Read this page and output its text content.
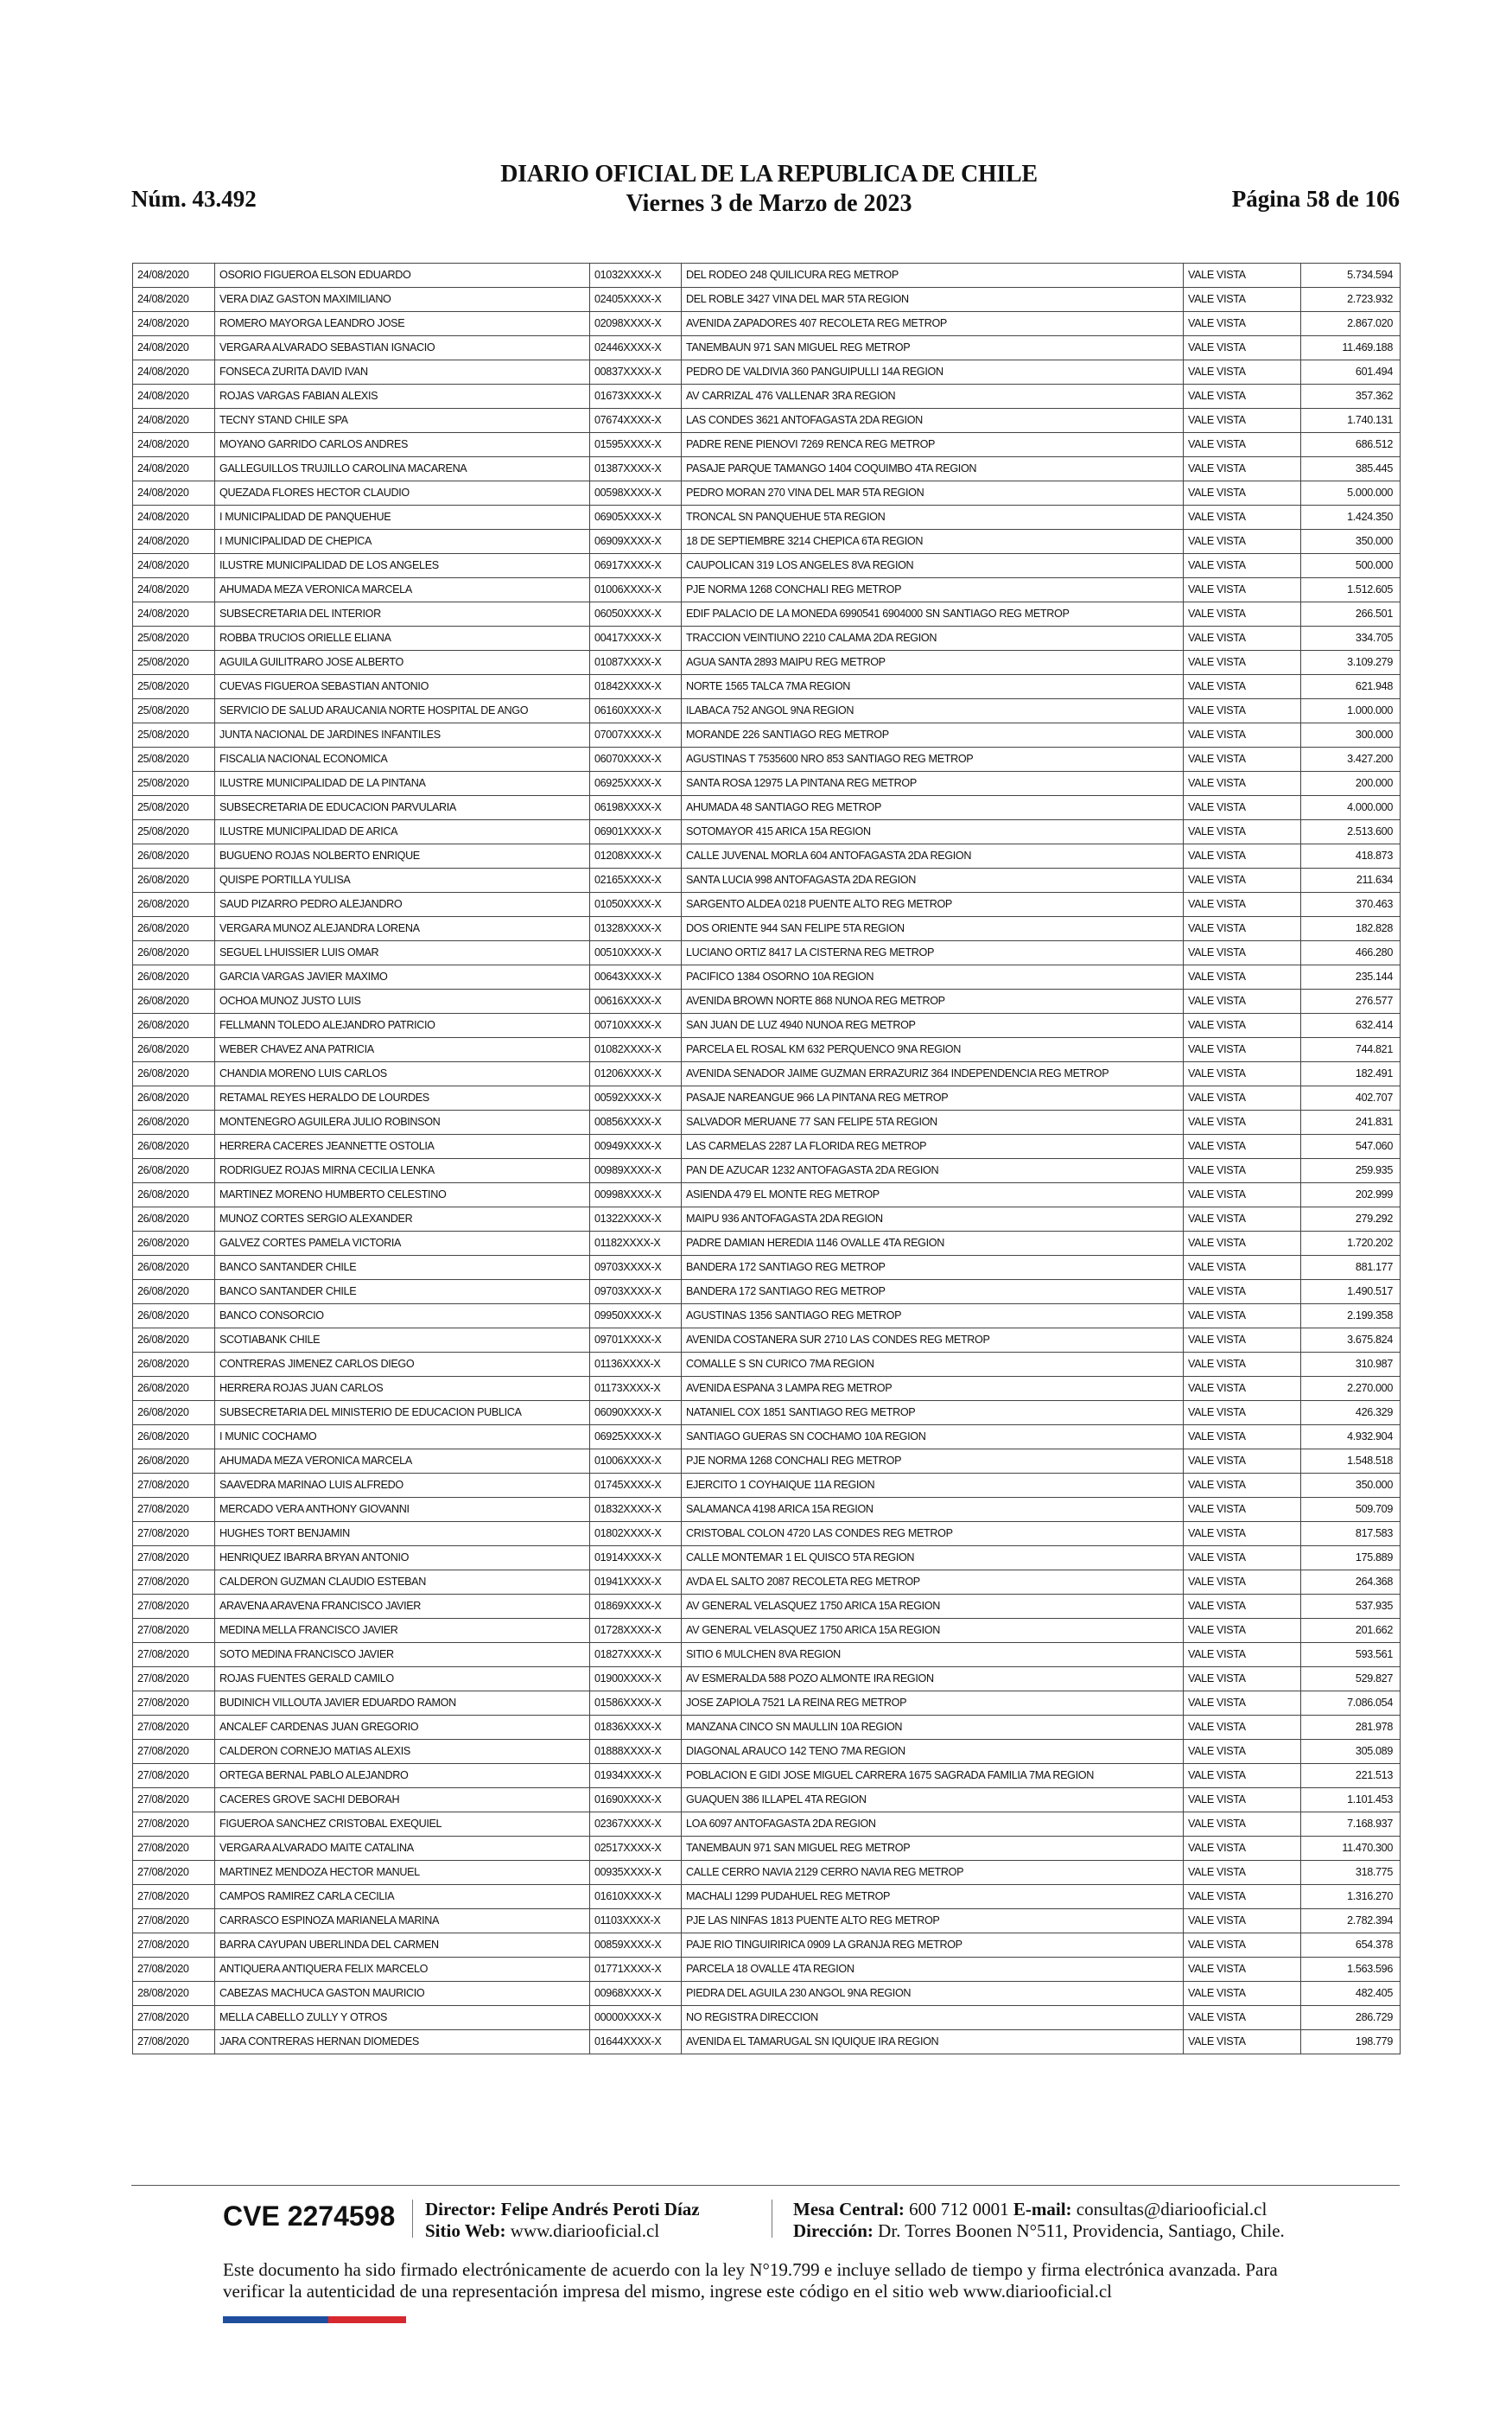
Núm. 43.492
DIARIO OFICIAL DE LA REPUBLICA DE CHILE
Viernes 3 de Marzo de 2023	Página 58 de 106
24/08/2020	OSORIO FIGUEROA ELSON EDUARDO	01032XXXX-X	DEL RODEO 248 QUILICURA REG METROP	VALE VISTA	5.734.594
24/08/2020	VERA DIAZ GASTON MAXIMILIANO	02405XXXX-X	DEL ROBLE 3427 VINA DEL MAR 5TA REGION	VALE VISTA	2.723.932
24/08/2020	ROMERO MAYORGA LEANDRO JOSE	02098XXXX-X	AVENIDA ZAPADORES 407 RECOLETA REG METROP	VALE VISTA	2.867.020
24/08/2020	VERGARA ALVARADO SEBASTIAN IGNACIO	02446XXXX-X	TANEMBAUN 971 SAN MIGUEL REG METROP	VALE VISTA	11.469.188
24/08/2020	FONSECA ZURITA DAVID IVAN	00837XXXX-X	PEDRO DE VALDIVIA 360 PANGUIPULLI 14A REGION	VALE VISTA	601.494
24/08/2020	ROJAS VARGAS FABIAN ALEXIS	01673XXXX-X	AV CARRIZAL 476 VALLENAR 3RA REGION	VALE VISTA	357.362
24/08/2020	TECNY STAND CHILE SPA	07674XXXX-X	LAS CONDES 3621 ANTOFAGASTA 2DA REGION	VALE VISTA	1.740.131
24/08/2020	MOYANO GARRIDO CARLOS ANDRES	01595XXXX-X	PADRE RENE PIENOVI 7269 RENCA REG METROP	VALE VISTA	686.512
24/08/2020	GALLEGUILLOS TRUJILLO CAROLINA MACARENA	01387XXXX-X	PASAJE PARQUE TAMANGO 1404 COQUIMBO 4TA REGION	VALE VISTA	385.445
24/08/2020	QUEZADA FLORES HECTOR CLAUDIO	00598XXXX-X	PEDRO MORAN 270 VINA DEL MAR 5TA REGION	VALE VISTA	5.000.000
24/08/2020	I MUNICIPALIDAD DE PANQUEHUE	06905XXXX-X	TRONCAL SN PANQUEHUE 5TA REGION	VALE VISTA	1.424.350
24/08/2020	I MUNICIPALIDAD DE CHEPICA	06909XXXX-X	18 DE SEPTIEMBRE 3214 CHEPICA 6TA REGION	VALE VISTA	350.000
24/08/2020	ILUSTRE MUNICIPALIDAD DE LOS ANGELES	06917XXXX-X	CAUPOLICAN 319 LOS ANGELES 8VA REGION	VALE VISTA	500.000
24/08/2020	AHUMADA MEZA VERONICA MARCELA	01006XXXX-X	PJE NORMA 1268 CONCHALI REG METROP	VALE VISTA	1.512.605
24/08/2020	SUBSECRETARIA DEL INTERIOR	06050XXXX-X	EDIF PALACIO DE LA MONEDA 6990541 6904000 SN SANTIAGO REG METROP	VALE VISTA	266.501
25/08/2020	ROBBA TRUCIOS ORIELLE ELIANA	00417XXXX-X	TRACCION VEINTIUNO 2210 CALAMA 2DA REGION	VALE VISTA	334.705
25/08/2020	AGUILA GUILITRARO JOSE ALBERTO	01087XXXX-X	AGUA SANTA 2893 MAIPU REG METROP	VALE VISTA	3.109.279
25/08/2020	CUEVAS FIGUEROA SEBASTIAN ANTONIO	01842XXXX-X	NORTE 1565 TALCA 7MA REGION	VALE VISTA	621.948
25/08/2020	SERVICIO DE SALUD ARAUCANIA NORTE HOSPITAL DE ANGO	06160XXXX-X	ILABACA 752 ANGOL 9NA REGION	VALE VISTA	1.000.000
25/08/2020	JUNTA NACIONAL DE JARDINES INFANTILES	07007XXXX-X	MORANDE 226 SANTIAGO REG METROP	VALE VISTA	300.000
25/08/2020	FISCALIA NACIONAL ECONOMICA	06070XXXX-X	AGUSTINAS T 7535600 NRO 853 SANTIAGO REG METROP	VALE VISTA	3.427.200
25/08/2020	ILUSTRE MUNICIPALIDAD DE LA PINTANA	06925XXXX-X	SANTA ROSA 12975 LA PINTANA REG METROP	VALE VISTA	200.000
25/08/2020	SUBSECRETARIA DE EDUCACION PARVULARIA	06198XXXX-X	AHUMADA 48 SANTIAGO REG METROP	VALE VISTA	4.000.000
25/08/2020	ILUSTRE MUNICIPALIDAD DE ARICA	06901XXXX-X	SOTOMAYOR 415 ARICA 15A REGION	VALE VISTA	2.513.600
26/08/2020	BUGUENO ROJAS NOLBERTO ENRIQUE	01208XXXX-X	CALLE JUVENAL MORLA 604 ANTOFAGASTA 2DA REGION	VALE VISTA	418.873
26/08/2020	QUISPE PORTILLA YULISA	02165XXXX-X	SANTA LUCIA 998 ANTOFAGASTA 2DA REGION	VALE VISTA	211.634
26/08/2020	SAUD PIZARRO PEDRO ALEJANDRO	01050XXXX-X	SARGENTO ALDEA 0218 PUENTE ALTO REG METROP	VALE VISTA	370.463
26/08/2020	VERGARA MUNOZ ALEJANDRA LORENA	01328XXXX-X	DOS ORIENTE 944 SAN FELIPE 5TA REGION	VALE VISTA	182.828
26/08/2020	SEGUEL LHUISSIER LUIS OMAR	00510XXXX-X	LUCIANO ORTIZ 8417 LA CISTERNA REG METROP	VALE VISTA	466.280
26/08/2020	GARCIA VARGAS JAVIER MAXIMO	00643XXXX-X	PACIFICO 1384 OSORNO 10A REGION	VALE VISTA	235.144
26/08/2020	OCHOA MUNOZ JUSTO LUIS	00616XXXX-X	AVENIDA BROWN NORTE 868 NUNOA REG METROP	VALE VISTA	276.577
26/08/2020	FELLMANN TOLEDO ALEJANDRO PATRICIO	00710XXXX-X	SAN JUAN DE LUZ 4940 NUNOA REG METROP	VALE VISTA	632.414
26/08/2020	WEBER CHAVEZ ANA PATRICIA	01082XXXX-X	PARCELA EL ROSAL KM 632 PERQUENCO 9NA REGION	VALE VISTA	744.821
26/08/2020	CHANDIA MORENO LUIS CARLOS	01206XXXX-X	AVENIDA SENADOR JAIME GUZMAN ERRAZURIZ 364 INDEPENDENCIA REG METROP	VALE VISTA	182.491
26/08/2020	RETAMAL REYES HERALDO DE LOURDES	00592XXXX-X	PASAJE NAREANGUE 966 LA PINTANA REG METROP	VALE VISTA	402.707
26/08/2020	MONTENEGRO AGUILERA JULIO ROBINSON	00856XXXX-X	SALVADOR MERUANE 77 SAN FELIPE 5TA REGION	VALE VISTA	241.831
26/08/2020	HERRERA CACERES JEANNETTE OSTOLIA	00949XXXX-X	LAS CARMELAS 2287 LA FLORIDA REG METROP	VALE VISTA	547.060
26/08/2020	RODRIGUEZ ROJAS MIRNA CECILIA LENKA	00989XXXX-X	PAN DE AZUCAR 1232 ANTOFAGASTA 2DA REGION	VALE VISTA	259.935
26/08/2020	MARTINEZ MORENO HUMBERTO CELESTINO	00998XXXX-X	ASIENDA 479 EL MONTE REG METROP	VALE VISTA	202.999
26/08/2020	MUNOZ CORTES SERGIO ALEXANDER	01322XXXX-X	MAIPU 936 ANTOFAGASTA 2DA REGION	VALE VISTA	279.292
26/08/2020	GALVEZ CORTES PAMELA VICTORIA	01182XXXX-X	PADRE DAMIAN HEREDIA 1146 OVALLE 4TA REGION	VALE VISTA	1.720.202
26/08/2020	BANCO SANTANDER CHILE	09703XXXX-X	BANDERA 172 SANTIAGO REG METROP	VALE VISTA	881.177
26/08/2020	BANCO SANTANDER CHILE	09703XXXX-X	BANDERA 172 SANTIAGO REG METROP	VALE VISTA	1.490.517
26/08/2020	BANCO CONSORCIO	09950XXXX-X	AGUSTINAS 1356 SANTIAGO REG METROP	VALE VISTA	2.199.358
26/08/2020	SCOTIABANK CHILE	09701XXXX-X	AVENIDA COSTANERA SUR 2710 LAS CONDES REG METROP	VALE VISTA	3.675.824
26/08/2020	CONTRERAS JIMENEZ CARLOS DIEGO	01136XXXX-X	COMALLE S SN CURICO 7MA REGION	VALE VISTA	310.987
26/08/2020	HERRERA ROJAS JUAN CARLOS	01173XXXX-X	AVENIDA ESPANA 3 LAMPA REG METROP	VALE VISTA	2.270.000
26/08/2020	SUBSECRETARIA DEL MINISTERIO DE EDUCACION PUBLICA	06090XXXX-X	NATANIEL COX 1851 SANTIAGO REG METROP	VALE VISTA	426.329
26/08/2020	I MUNIC COCHAMO	06925XXXX-X	SANTIAGO GUERAS SN COCHAMO 10A REGION	VALE VISTA	4.932.904
26/08/2020	AHUMADA MEZA VERONICA MARCELA	01006XXXX-X	PJE NORMA 1268 CONCHALI REG METROP	VALE VISTA	1.548.518
27/08/2020	SAAVEDRA MARINAO LUIS ALFREDO	01745XXXX-X	EJERCITO 1 COYHAIQUE 11A REGION	VALE VISTA	350.000
27/08/2020	MERCADO VERA ANTHONY GIOVANNI	01832XXXX-X	SALAMANCA 4198 ARICA 15A REGION	VALE VISTA	509.709
27/08/2020	HUGHES TORT BENJAMIN	01802XXXX-X	CRISTOBAL COLON 4720 LAS CONDES REG METROP	VALE VISTA	817.583
27/08/2020	HENRIQUEZ IBARRA BRYAN ANTONIO	01914XXXX-X	CALLE MONTEMAR 1 EL QUISCO 5TA REGION	VALE VISTA	175.889
27/08/2020	CALDERON GUZMAN CLAUDIO ESTEBAN	01941XXXX-X	AVDA EL SALTO 2087 RECOLETA REG METROP	VALE VISTA	264.368
27/08/2020	ARAVENA ARAVENA FRANCISCO JAVIER	01869XXXX-X	AV GENERAL VELASQUEZ 1750 ARICA 15A REGION	VALE VISTA	537.935
27/08/2020	MEDINA MELLA FRANCISCO JAVIER	01728XXXX-X	AV GENERAL VELASQUEZ 1750 ARICA 15A REGION	VALE VISTA	201.662
27/08/2020	SOTO MEDINA FRANCISCO JAVIER	01827XXXX-X	SITIO 6 MULCHEN 8VA REGION	VALE VISTA	593.561
27/08/2020	ROJAS FUENTES GERALD CAMILO	01900XXXX-X	AV ESMERALDA 588 POZO ALMONTE IRA REGION	VALE VISTA	529.827
27/08/2020	BUDINICH VILLOUTA JAVIER EDUARDO RAMON	01586XXXX-X	JOSE ZAPIOLA 7521 LA REINA REG METROP	VALE VISTA	7.086.054
27/08/2020	ANCALEF CARDENAS JUAN GREGORIO	01836XXXX-X	MANZANA CINCO SN MAULLIN 10A REGION	VALE VISTA	281.978
27/08/2020	CALDERON CORNEJO MATIAS ALEXIS	01888XXXX-X	DIAGONAL ARAUCO 142 TENO 7MA REGION	VALE VISTA	305.089
27/08/2020	ORTEGA BERNAL PABLO ALEJANDRO	01934XXXX-X	POBLACION E GIDI JOSE MIGUEL CARRERA 1675 SAGRADA FAMILIA 7MA REGION	VALE VISTA	221.513
27/08/2020	CACERES GROVE SACHI DEBORAH	01690XXXX-X	GUAQUEN 386 ILLAPEL 4TA REGION	VALE VISTA	1.101.453
27/08/2020	FIGUEROA SANCHEZ CRISTOBAL EXEQUIEL	02367XXXX-X	LOA 6097 ANTOFAGASTA 2DA REGION	VALE VISTA	7.168.937
27/08/2020	VERGARA ALVARADO MAITE CATALINA	02517XXXX-X	TANEMBAUN 971 SAN MIGUEL REG METROP	VALE VISTA	11.470.300
27/08/2020	MARTINEZ MENDOZA HECTOR MANUEL	00935XXXX-X	CALLE CERRO NAVIA 2129 CERRO NAVIA REG METROP	VALE VISTA	318.775
27/08/2020	CAMPOS RAMIREZ CARLA CECILIA	01610XXXX-X	MACHALI 1299 PUDAHUEL REG METROP	VALE VISTA	1.316.270
27/08/2020	CARRASCO ESPINOZA MARIANELA MARINA	01103XXXX-X	PJE LAS NINFAS 1813 PUENTE ALTO REG METROP	VALE VISTA	2.782.394
27/08/2020	BARRA CAYUPAN UBERLINDA DEL CARMEN	00859XXXX-X	PAJE RIO TINGUIRIRICA 0909 LA GRANJA REG METROP	VALE VISTA	654.378
27/08/2020	ANTIQUERA ANTIQUERA FELIX MARCELO	01771XXXX-X	PARCELA 18 OVALLE 4TA REGION	VALE VISTA	1.563.596
28/08/2020	CABEZAS MACHUCA GASTON MAURICIO	00968XXXX-X	PIEDRA DEL AGUILA 230 ANGOL 9NA REGION	VALE VISTA	482.405
27/08/2020	MELLA CABELLO ZULLY Y OTROS	00000XXXX-X	NO REGISTRA DIRECCION	VALE VISTA	286.729
27/08/2020	JARA CONTRERAS HERNAN DIOMEDES	01644XXXX-X	AVENIDA EL TAMARUGAL SN IQUIQUE IRA REGION	VALE VISTA	198.779
CVE 2274598 Director: Felipe Andrés Peroti Díaz
Sitio Web: www.diariooficial.cl
Mesa Central: 600 712 0001 E-mail: consultas@diariooficial.cl
Dirección: Dr. Torres Boonen N°511, Providencia, Santiago, Chile.
Este documento ha sido firmado electrónicamente de acuerdo con la ley N°19.799 e incluye sellado de tiempo y firma electrónica avanzada. Para verificar la autenticidad de una representación impresa del mismo, ingrese este código en el sitio web www.diariooficial.cl
